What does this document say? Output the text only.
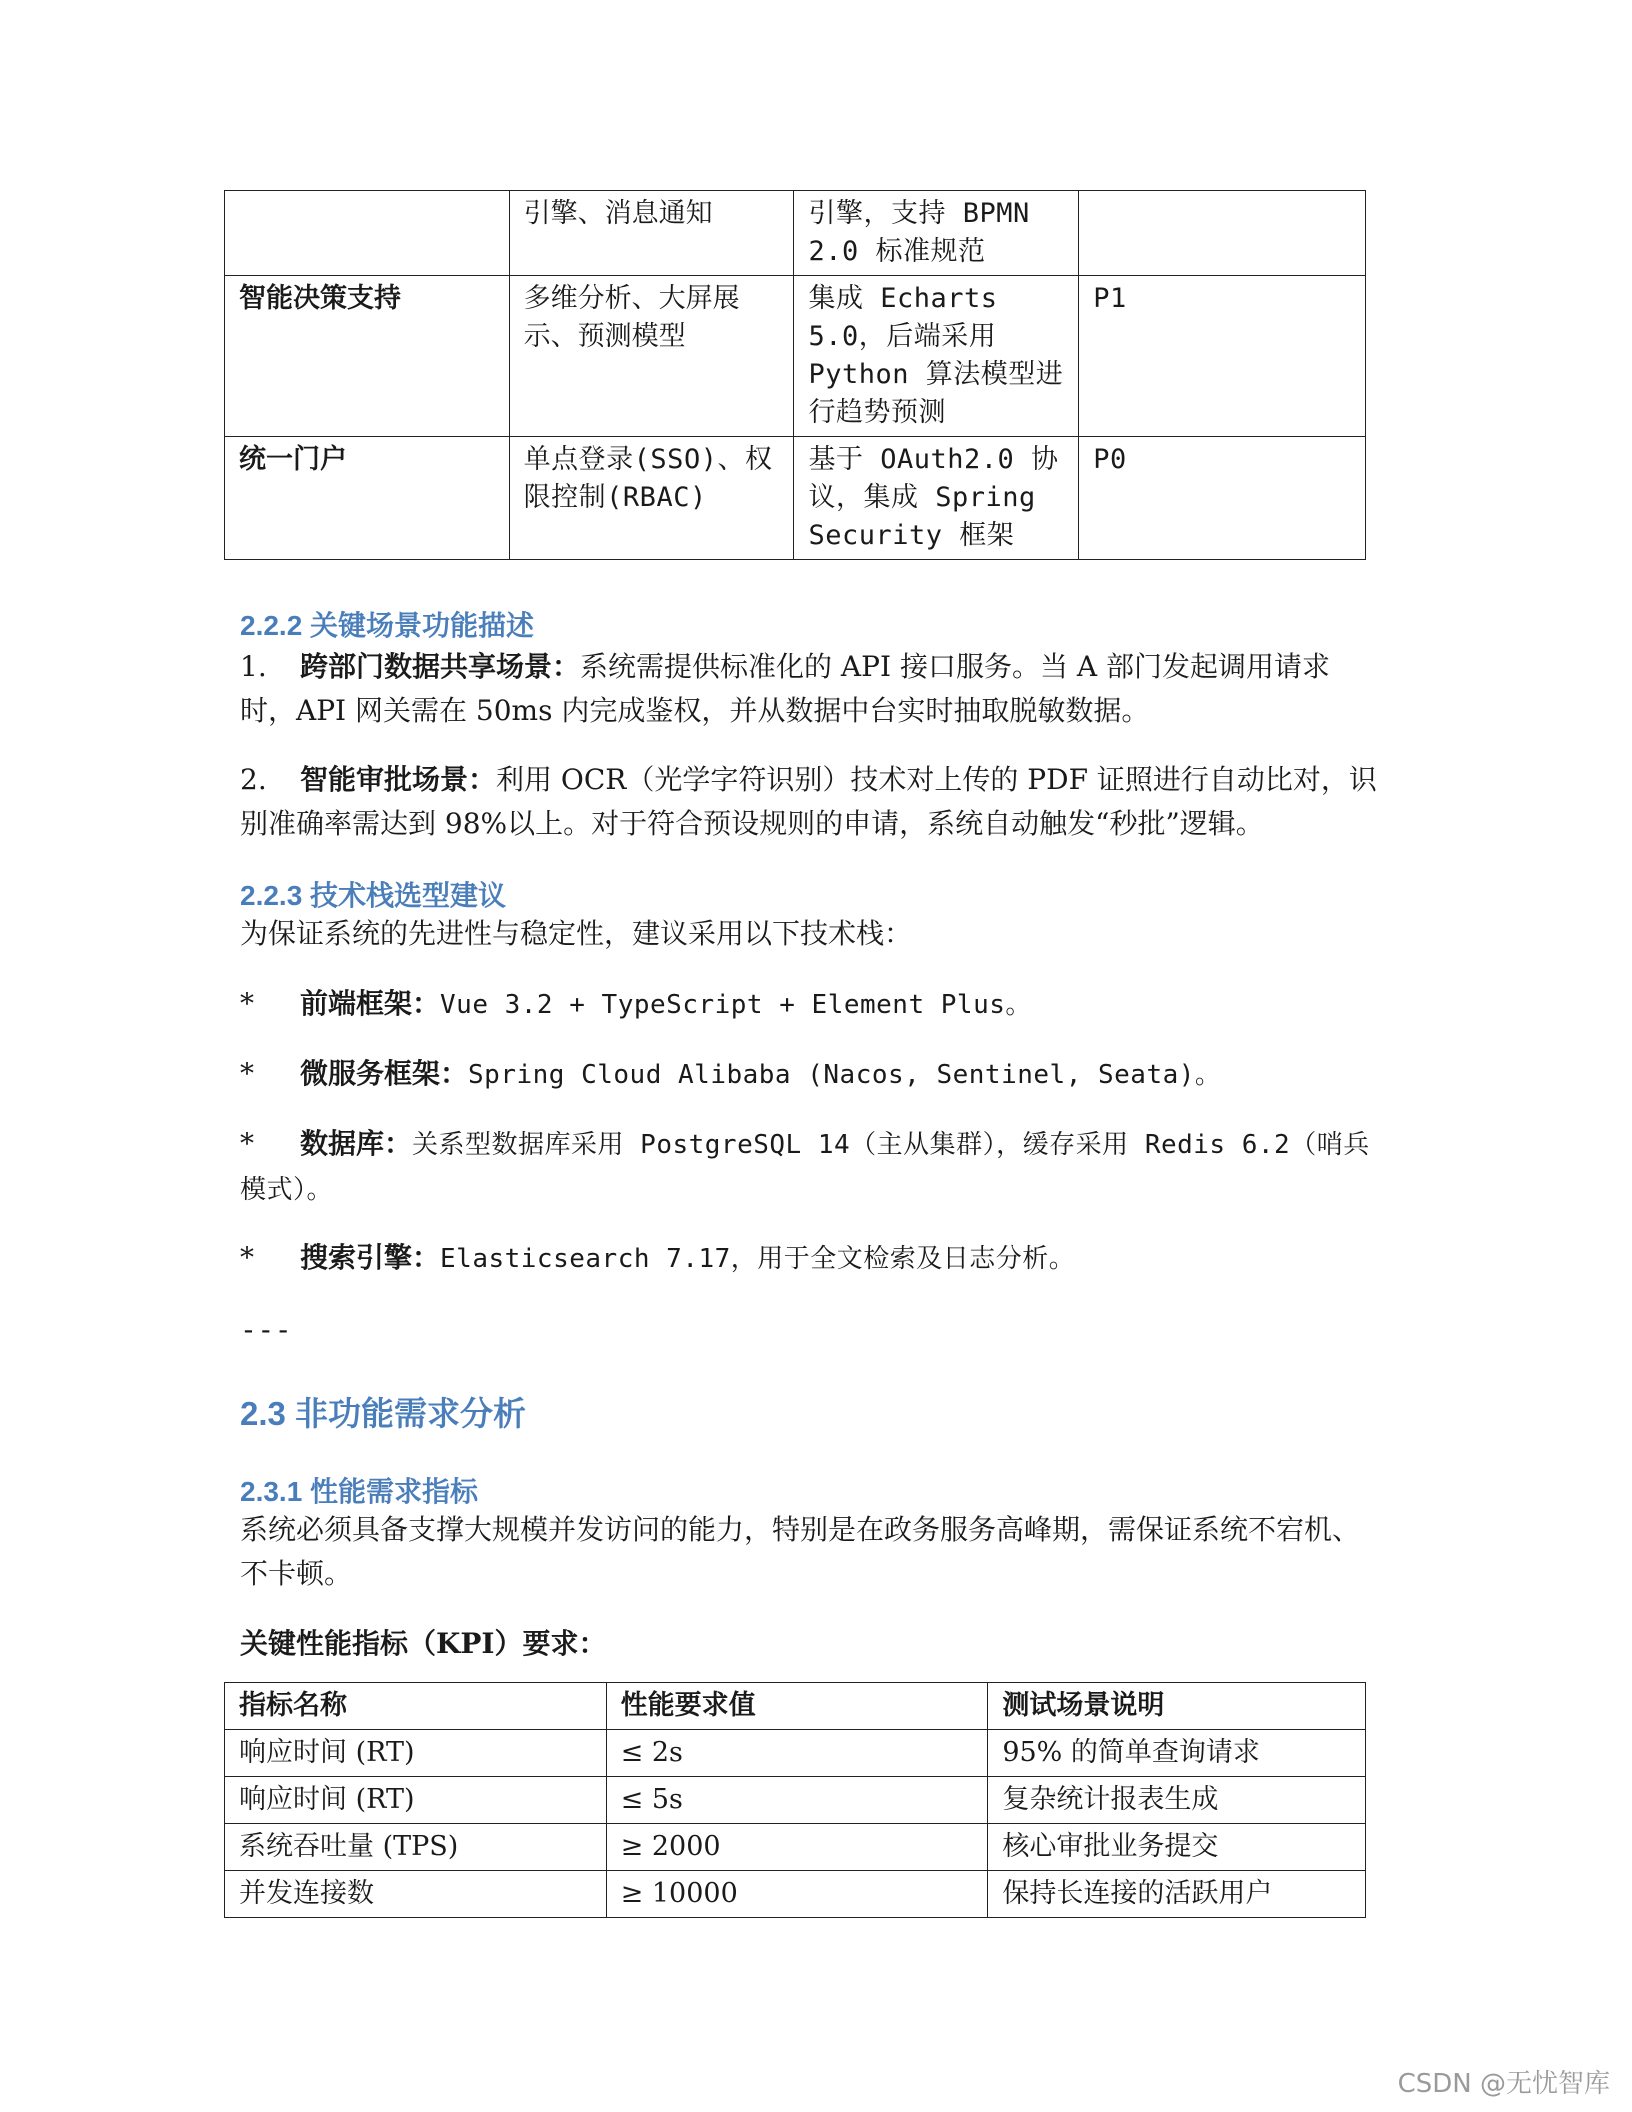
	引擎、消息通知	引擎，支持 BPMN 2.0 标准规范	
智能决策支持	多维分析、大屏展示、预测模型	集成 Echarts 5.0，后端采用 Python 算法模型进行趋势预测	P1
统一门户	单点登录(SSO)、权限控制(RBAC)	基于 OAuth2.0 协议，集成 Spring Security 框架	P0
2.2.2 关键场景功能描述
1. 跨部门数据共享场景：系统需提供标准化的 API 接口服务。当 A 部门发起调用请求时，API 网关需在 50ms 内完成鉴权，并从数据中台实时抽取脱敏数据。
2. 智能审批场景：利用 OCR（光学字符识别）技术对上传的 PDF 证照进行自动比对，识别准确率需达到 98%以上。对于符合预设规则的申请，系统自动触发“秒批”逻辑。
2.2.3 技术栈选型建议
为保证系统的先进性与稳定性，建议采用以下技术栈：
* 前端框架：Vue 3.2 + TypeScript + Element Plus。
* 微服务框架：Spring Cloud Alibaba (Nacos, Sentinel, Seata)。
* 数据库：关系型数据库采用 PostgreSQL 14（主从集群），缓存采用 Redis 6.2（哨兵模式）。
* 搜索引擎：Elasticsearch 7.17，用于全文检索及日志分析。
---
2.3 非功能需求分析
2.3.1 性能需求指标
系统必须具备支撑大规模并发访问的能力，特别是在政务服务高峰期，需保证系统不宕机、不卡顿。
关键性能指标（KPI）要求：
指标名称	性能要求值	测试场景说明
响应时间 (RT)	≤ 2s	95% 的简单查询请求
响应时间 (RT)	≤ 5s	复杂统计报表生成
系统吞吐量 (TPS)	≥ 2000	核心审批业务提交
并发连接数	≥ 10000	保持长连接的活跃用户
CSDN @无忧智库
